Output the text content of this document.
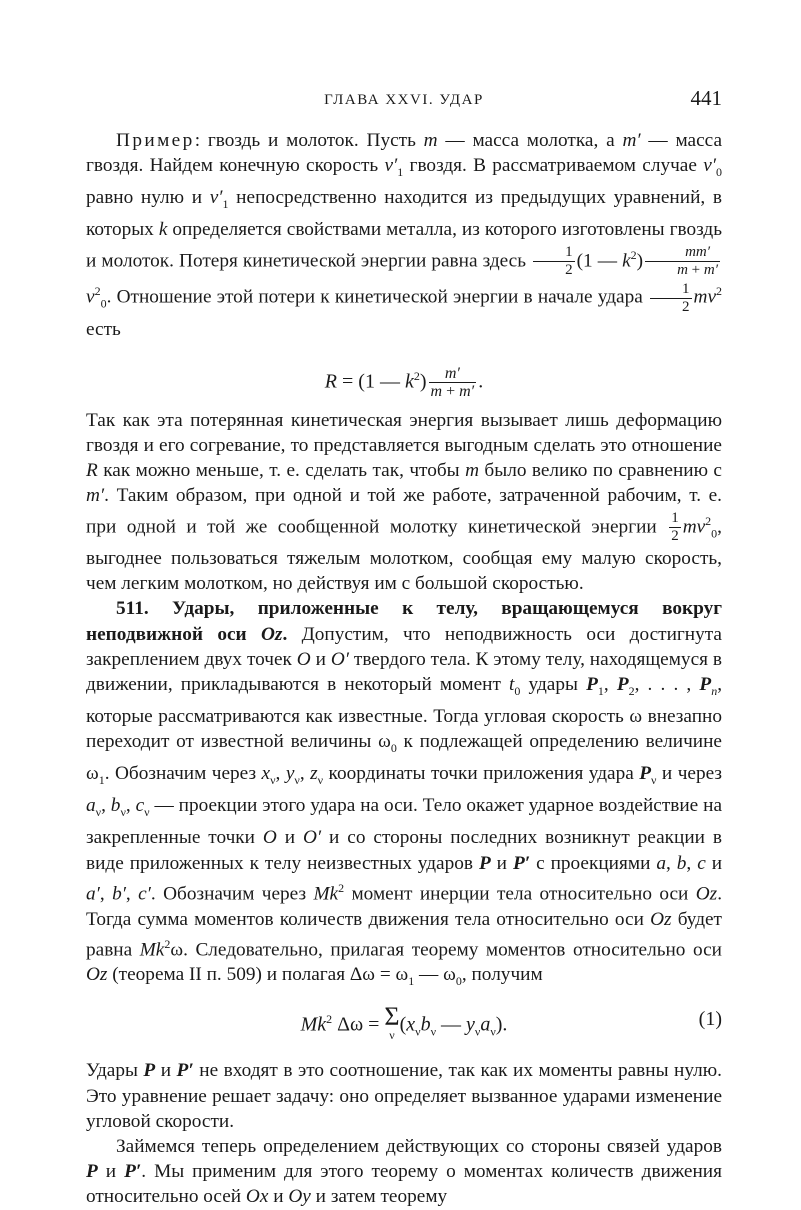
ГЛАВА XXVI. УДАР	441

Пример: гвоздь и молоток. Пусть m — масса молотка, а m′ — масса гвоздя. Найдем конечную скорость $v'_1$ гвоздя. В рассматриваемом случае $v'_0$ равно нулю и $v'_1$ непосредственно находится из предыдущих уравнений, в которых k определяется свойствами металла, из которого изготовлены гвоздь и молоток. Потеря кинетической энергии равна здесь $\frac{1}{2} (1$ — $k^2) \frac{mm'}{m + m'}$
$v^2_0$. Отношение этой потери к кинетической энергии в начале удара $\frac{1}{2} mv^2$ есть

R = (1 — $k^2) \frac{m'}{m + m'}$ .

Так как эта потерянная кинетическая энергия вызывает лишь деформацию гвоздя и его согревание, то представляется выгодным сделать это отношение R как можно меньше, т. е. сделать так, чтобы m было велико по сравнению с m′. Таким образом, при одной и той же работе, затраченной рабочим, т. е. при одной и той же сообщенной молотку кинетической энергии $\frac{1}{2} mv^2_0$, выгоднее пользоваться тяжелым молотком, сообщая ему малую скорость, чем легким молотком, но действуя им с большой скоростью.

511. Удары, приложенные к телу, вращающемуся вокруг неподвижной оси Oz. Допустим, что неподвижность оси достигнута закреплением двух точек O и O′ твердого тела. К этому телу, находящемуся в движении, прикладываются в некоторый момент $t_0$ удары $P_1$, $P_2$, . . . , $P_n$, которые рассматриваются как известные. Тогда угловая скорость ω внезапно переходит от известной величины $\omega_0$ к подлежащей определению величине $\omega_1$. Обозначим через $x_\nu$, $y_\nu$, $z_\nu$ координаты точки приложения удара $P_\nu$ и через $a_\nu$, $b_\nu$, $c_\nu$ — проекции этого удара на оси. Тело окажет ударное воздействие на закрепленные точки O и O′ и со стороны последних возникнут реакции в виде приложенных к телу неизвестных ударов P и P′ с проекциями a, b, c и a′, b′, c′. Обозначим через Mk$^2$ момент инерции тела относительно оси Oz. Тогда сумма моментов количеств движения тела относительно оси Oz будет равна Mk$^2$ω. Следовательно, прилагая теорему моментов относительно оси Oz (теорема II п. 509) и полагая $\Delta\omega = \omega_1$ — $\omega_0$, получим

Mk$^2$ Δω = Σ
ν ($x_\nu b_\nu$ — $y_\nu a_\nu$).	(1)

Удары P и P′ не входят в это соотношение, так как их моменты равны нулю. Это уравнение решает задачу: оно определяет вызванное ударами изменение угловой скорости.

Займемся теперь определением действующих со стороны связей ударов P и P′. Мы применим для этого теорему о моментах количеств движения относительно осей Ox и Oy и затем теорему
